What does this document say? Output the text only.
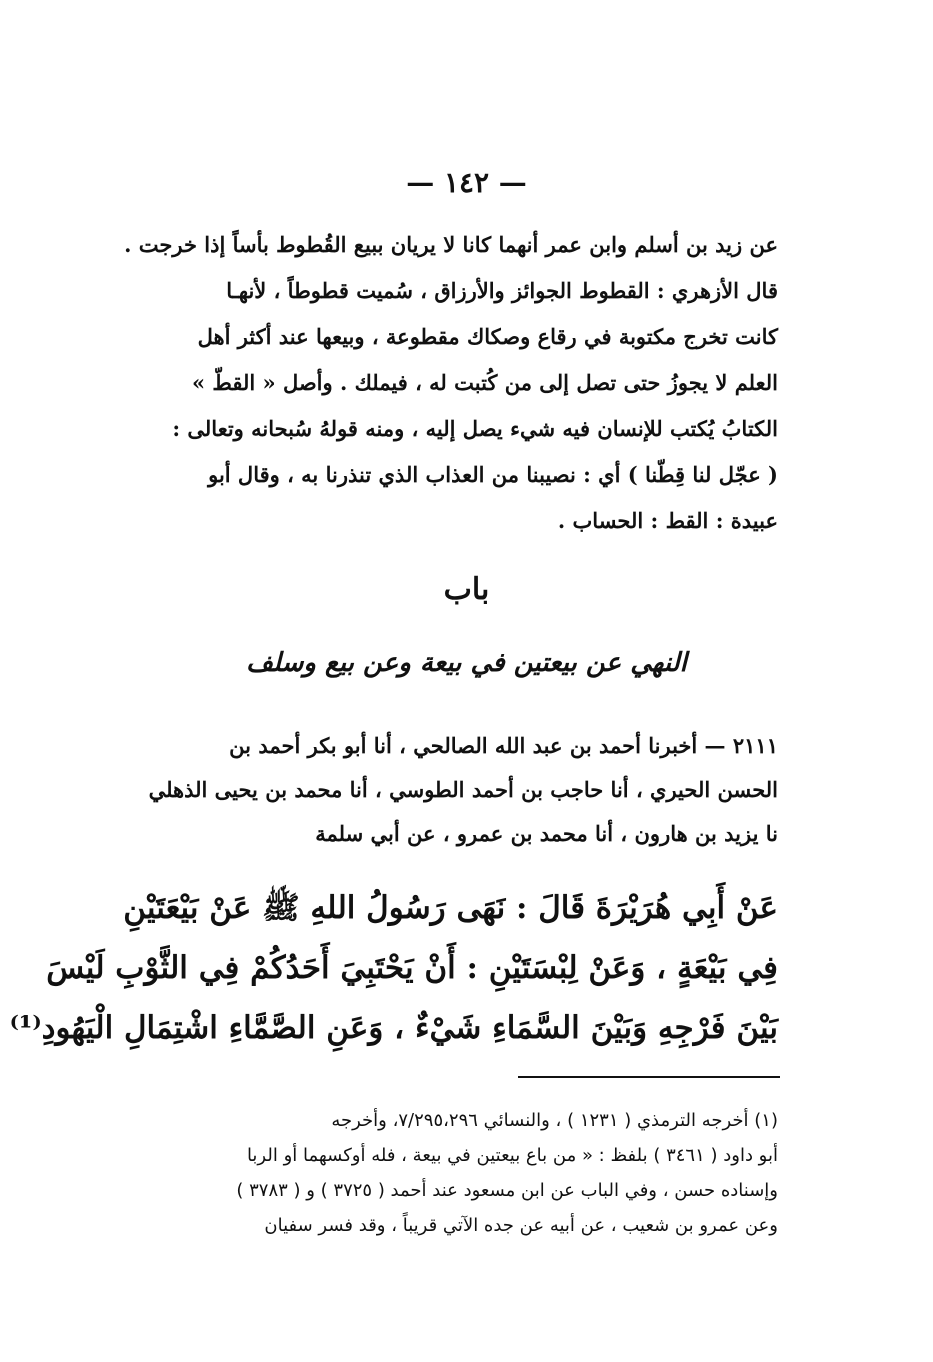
— ١٤٢ —
عن زيد بن أسلم وابن عمر أنهما كانا لا يريان ببيع القُطوط بأساً إذا خرجت .
قال الأزهري : القطوط الجوائز والأرزاق ، سُميت قطوطاً ، لأنهـا
كانت تخرج مكتوبة في رقاع وصكاك مقطوعة ، وبيعها عند أكثر أهل
العلم لا يجوزُ حتى تصل إلى من كُتبت له ، فيملك . وأصل « القطّ »
الكتابُ يُكتب للإنسان فيه شيء يصل إليه ، ومنه قولهُ سُبحانه وتعالى :
( عجّل لنا قِطّنا ) أي : نصيبنا من العذاب الذي تنذرنا به ، وقال أبو
عبيدة : القط : الحساب .
باب
النهي عن بيعتين في بيعة وعن بيع وسلف
٢١١١ — أخبرنا أحمد بن عبد الله الصالحي ، أنا أبو بكر أحمد بن
الحسن الحيري ، أنا حاجب بن أحمد الطوسي ، أنا محمد بن يحيى الذهلي
نا يزيد بن هارون ، أنا محمد بن عمرو ، عن أبي سلمة
عَنْ أَبِي هُرَيْرَةَ قَالَ : نَهَى رَسُولُ اللهِ ﷺ عَنْ بَيْعَتَيْنِ
فِي بَيْعَةٍ ، وَعَنْ لِبْسَتَيْنِ : أَنْ يَحْتَبِيَ أَحَدُكُمْ فِي الثَّوْبِ لَيْسَ
بَيْنَ فَرْجِهِ وَبَيْنَ السَّمَاءِ شَيْءٌ ، وَعَنِ الصَّمَّاءِ اشْتِمَالِ الْيَهُودِ⁽¹⁾
(١) أخرجه الترمذي ( ١٢٣١ ) ، والنسائي ٧/٢٩٥،٢٩٦، وأخرجه
أبو داود ( ٣٤٦١ ) بلفظ : « من باع بيعتين في بيعة ، فله أوكسهما أو الربا
وإسناده حسن ، وفي الباب عن ابن مسعود عند أحمد ( ٣٧٢٥ ) و ( ٣٧٨٣ )
وعن عمرو بن شعيب ، عن أبيه عن جده الآتي قريباً ، وقد فسر سفيان
